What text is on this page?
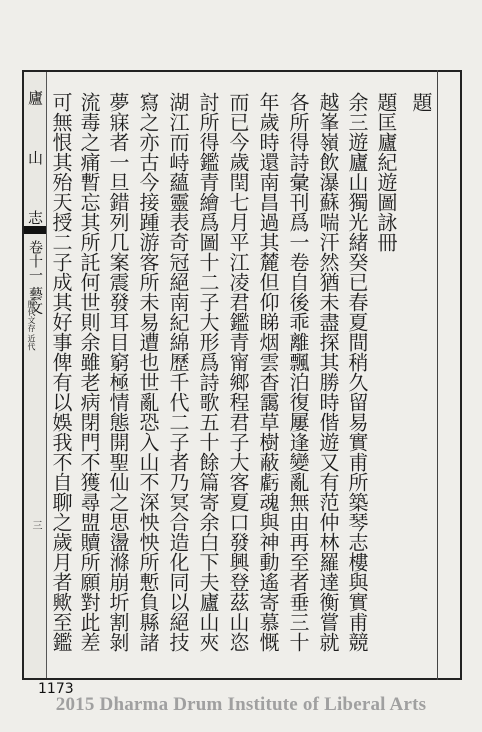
廬
山
志
卷十一 藝文
歷代文存 近代
三
題
題匡廬紀遊圖詠冊
余三遊廬山獨光緒癸已春夏間稍久留易實甫所築琴志樓與實甫競
越峯嶺飲瀑蘇喘汗然猶未盡探其勝時偕遊又有范仲林羅達衡嘗就
各所得詩彙刊爲一卷自後乖離飄泊復屢逢變亂無由再至者垂三十
年歲時還南昌過其麓但仰睇烟雲杳靄草樹蔽虧魂與神動遙寄慕慨
而已今歲閏七月平江凌君鑑青甯鄉程君子大客夏口發興登茲山恣
討所得鑑青繪爲圖十二子大形爲詩歌五十餘篇寄余白下夫廬山夾
湖江而峙蘊靈表奇冠絕南紀綿歷千代二子者乃冥合造化同以絕技
寫之亦古今接踵游客所未易遭也世亂恐入山不深怏怏所慙負縣諸
夢寐者一旦錯列几案震發耳目窮極情態開聖仙之思盪滌崩圻割剝
流毒之痛暫忘其所託何世則余雖老病閉門不獲尋盟贖所願對此差
可無恨其殆天授二子成其好事俾有以娛我不自聊之歲月者歟至鑑
1173
2015 Dharma Drum Institute of Liberal Arts
